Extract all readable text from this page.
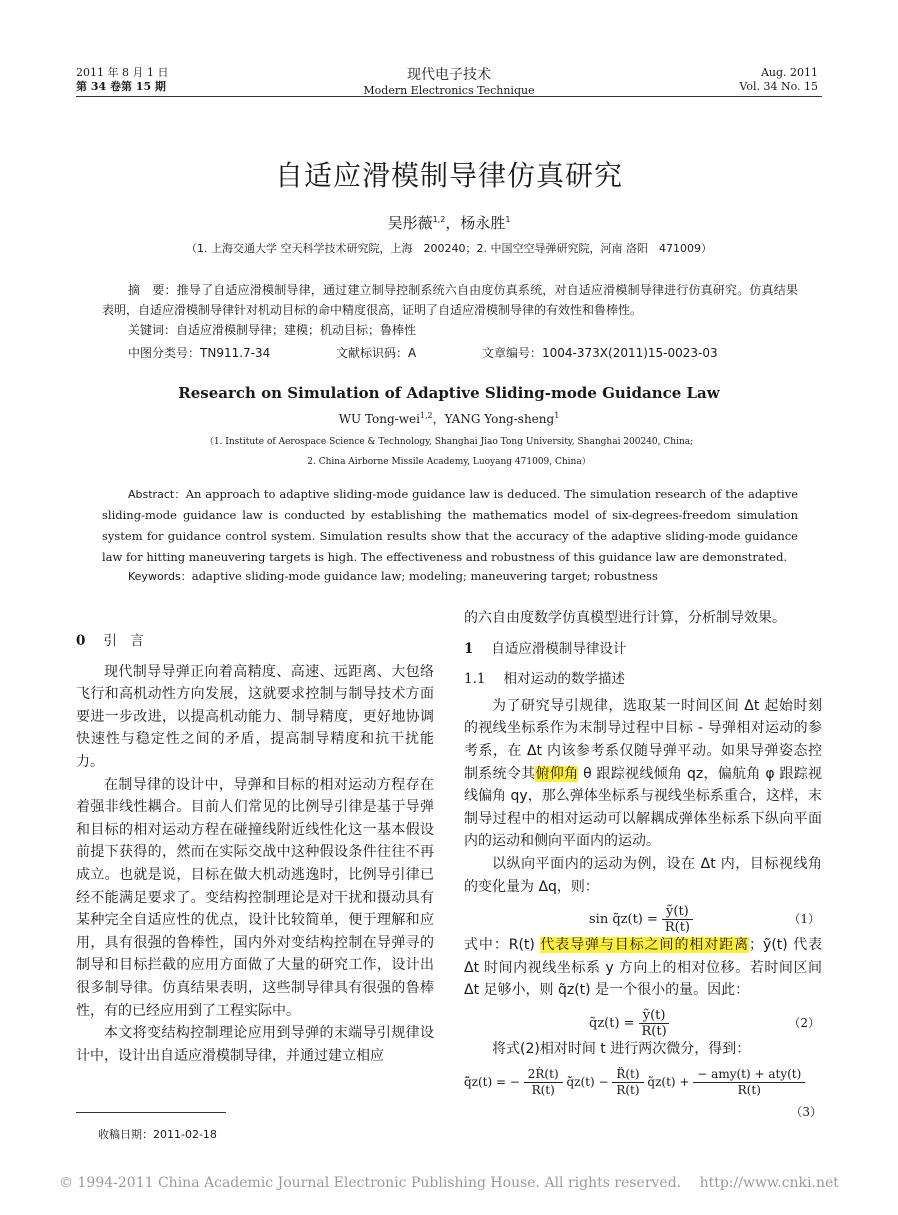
2011 年 8 月 1 日
第 34 卷第 15 期
现代电子技术
Modern Electronics Technique
Aug. 2011
Vol. 34 No. 15
自适应滑模制导律仿真研究
吴彤薇$^{1,2}$，杨永胜$^1$
（1. 上海交通大学 空天科学技术研究院，上海　200240；2. 中国空空导弹研究院，河南 洛阳　471009）
摘　要：推导了自适应滑模制导律，通过建立制导控制系统六自由度仿真系统，对自适应滑模制导律进行仿真研究。仿真结果表明，自适应滑模制导律针对机动目标的命中精度很高，证明了自适应滑模制导律的有效性和鲁棒性。
关键词：自适应滑模制导律；建模；机动目标；鲁棒性
中图分类号：TN911.7-34	文献标识码：A	文章编号：1004-373X(2011)15-0023-03
Research on Simulation of Adaptive Sliding-mode Guidance Law
WU Tong-wei$^{1,2}$，YANG Yong-sheng$^1$
（1. Institute of Aerospace Science & Technology, Shanghai Jiao Tong University, Shanghai 200240, China;
2. China Airborne Missile Academy, Luoyang 471009, China）
Abstract：An approach to adaptive sliding-mode guidance law is deduced. The simulation research of the adaptive sliding-mode guidance law is conducted by establishing the mathematics model of six-degrees-freedom simulation system for guidance control system. Simulation results show that the accuracy of the adaptive sliding-mode guidance law for hitting maneuvering targets is high. The effectiveness and robustness of this guidance law are demonstrated.
Keywords：adaptive sliding-mode guidance law; modeling; maneuvering target; robustness
0 引　言

现代制导导弹正向着高精度、高速、远距离、大包络飞行和高机动性方向发展，这就要求控制与制导技术方面要进一步改进，以提高机动能力、制导精度，更好地协调快速性与稳定性之间的矛盾，提高制导精度和抗干扰能力。

在制导律的设计中，导弹和目标的相对运动方程存在着强非线性耦合。目前人们常见的比例导引律是基于导弹和目标的相对运动方程在碰撞线附近线性化这一基本假设前提下获得的，然而在实际交战中这种假设条件往往不再成立。也就是说，目标在做大机动逃逸时，比例导引律已经不能满足要求了。变结构控制理论是对干扰和摄动具有某种完全自适应性的优点，设计比较简单，便于理解和应用，具有很强的鲁棒性，国内外对变结构控制在导弹寻的制导和目标拦截的应用方面做了大量的研究工作，设计出很多制导律。仿真结果表明，这些制导律具有很强的鲁棒性，有的已经应用到了工程实际中。

本文将变结构控制理论应用到导弹的末端导引规律设计中，设计出自适应滑模制导律，并通过建立相应

的六自由度数学仿真模型进行计算，分析制导效果。

1 自适应滑模制导律设计
1.1 相对运动的数学描述

为了研究导引规律，选取某一时间区间 Δt 起始时刻的视线坐标系作为末制导过程中目标 - 导弹相对运动的参考系，在 Δt 内该参考系仅随导弹平动。如果导弹姿态控制系统令其俯仰角 θ 跟踪视线倾角 qz，偏航角 φ 跟踪视线偏角 qy，那么弹体坐标系与视线坐标系重合，这样，末制导过程中的相对运动可以解耦成弹体坐标系下纵向平面内的运动和侧向平面内的运动。

以纵向平面内的运动为例，设在 Δt 内，目标视线角的变化量为 Δq，则：

sin q̃z(t) = $\frac{\text{ỹ(t)}}{R(t)}$	（1）

式中：R(t) 代表导弹与目标之间的相对距离；ỹ(t) 代表 Δt 时间内视线坐标系 y 方向上的相对位移。若时间区间 Δt 足够小，则 q̃z(t) 是一个很小的量。因此：

q̃z(t) = $\frac{\text{ỹ(t)}}{R(t)}$	（2）

将式(2)相对时间 t 进行两次微分，得到：

q̃̈z(t) = − $\frac{\text{2Ṙ(t)}}{R(t)}$ q̃̇z(t) − $\frac{R̈(t)}{R(t)}$ q̃z(t) + $\frac{\text{− amy(t) + aty(t)}}{R(t)}$
（3）
收稿日期：2011-02-18
© 1994-2011 China Academic Journal Electronic Publishing House. All rights reserved.　 http://www.cnki.net
